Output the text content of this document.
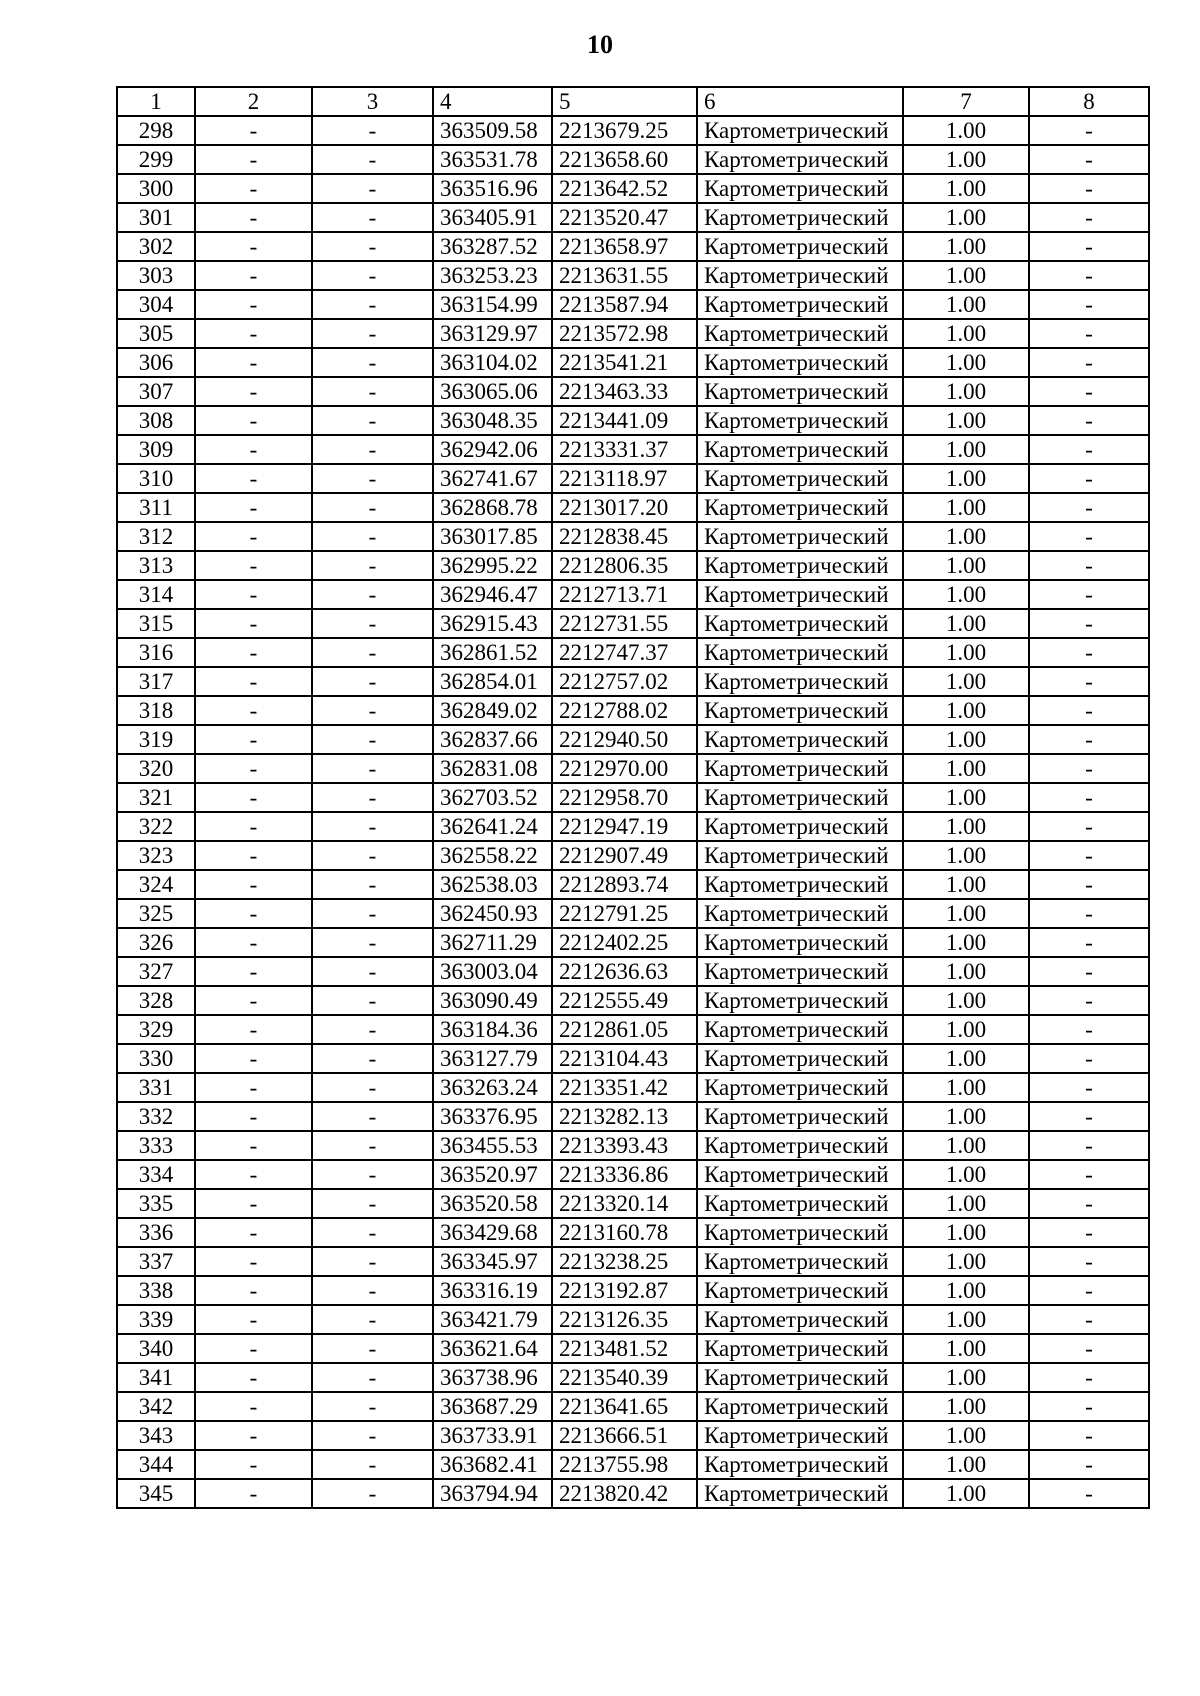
10
1	2	3	4	5	6	7	8
298	-	-	363509.58	2213679.25	Картометрический	1.00	-
299	-	-	363531.78	2213658.60	Картометрический	1.00	-
300	-	-	363516.96	2213642.52	Картометрический	1.00	-
301	-	-	363405.91	2213520.47	Картометрический	1.00	-
302	-	-	363287.52	2213658.97	Картометрический	1.00	-
303	-	-	363253.23	2213631.55	Картометрический	1.00	-
304	-	-	363154.99	2213587.94	Картометрический	1.00	-
305	-	-	363129.97	2213572.98	Картометрический	1.00	-
306	-	-	363104.02	2213541.21	Картометрический	1.00	-
307	-	-	363065.06	2213463.33	Картометрический	1.00	-
308	-	-	363048.35	2213441.09	Картометрический	1.00	-
309	-	-	362942.06	2213331.37	Картометрический	1.00	-
310	-	-	362741.67	2213118.97	Картометрический	1.00	-
311	-	-	362868.78	2213017.20	Картометрический	1.00	-
312	-	-	363017.85	2212838.45	Картометрический	1.00	-
313	-	-	362995.22	2212806.35	Картометрический	1.00	-
314	-	-	362946.47	2212713.71	Картометрический	1.00	-
315	-	-	362915.43	2212731.55	Картометрический	1.00	-
316	-	-	362861.52	2212747.37	Картометрический	1.00	-
317	-	-	362854.01	2212757.02	Картометрический	1.00	-
318	-	-	362849.02	2212788.02	Картометрический	1.00	-
319	-	-	362837.66	2212940.50	Картометрический	1.00	-
320	-	-	362831.08	2212970.00	Картометрический	1.00	-
321	-	-	362703.52	2212958.70	Картометрический	1.00	-
322	-	-	362641.24	2212947.19	Картометрический	1.00	-
323	-	-	362558.22	2212907.49	Картометрический	1.00	-
324	-	-	362538.03	2212893.74	Картометрический	1.00	-
325	-	-	362450.93	2212791.25	Картометрический	1.00	-
326	-	-	362711.29	2212402.25	Картометрический	1.00	-
327	-	-	363003.04	2212636.63	Картометрический	1.00	-
328	-	-	363090.49	2212555.49	Картометрический	1.00	-
329	-	-	363184.36	2212861.05	Картометрический	1.00	-
330	-	-	363127.79	2213104.43	Картометрический	1.00	-
331	-	-	363263.24	2213351.42	Картометрический	1.00	-
332	-	-	363376.95	2213282.13	Картометрический	1.00	-
333	-	-	363455.53	2213393.43	Картометрический	1.00	-
334	-	-	363520.97	2213336.86	Картометрический	1.00	-
335	-	-	363520.58	2213320.14	Картометрический	1.00	-
336	-	-	363429.68	2213160.78	Картометрический	1.00	-
337	-	-	363345.97	2213238.25	Картометрический	1.00	-
338	-	-	363316.19	2213192.87	Картометрический	1.00	-
339	-	-	363421.79	2213126.35	Картометрический	1.00	-
340	-	-	363621.64	2213481.52	Картометрический	1.00	-
341	-	-	363738.96	2213540.39	Картометрический	1.00	-
342	-	-	363687.29	2213641.65	Картометрический	1.00	-
343	-	-	363733.91	2213666.51	Картометрический	1.00	-
344	-	-	363682.41	2213755.98	Картометрический	1.00	-
345	-	-	363794.94	2213820.42	Картометрический	1.00	-
